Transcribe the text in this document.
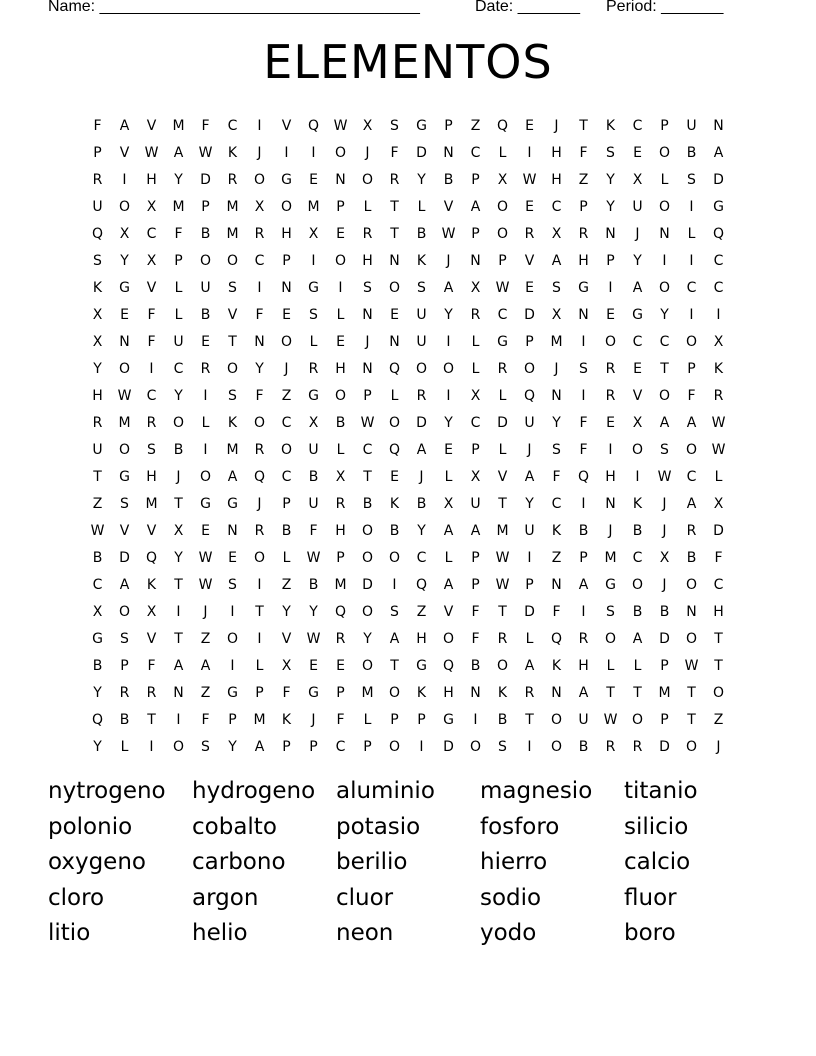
Name: ____________________________________	Date: _______ Period: _______
ELEMENTOS
F	A	V	M	F	C	I	V	Q	W	X	S	G	P	Z	Q	E	J	T	K	C	P	U	N
P	V	W	A	W	K	J	I	I	O	J	F	D	N	C	L	I	H	F	S	E	O	B	A
R	I	H	Y	D	R	O	G	E	N	O	R	Y	B	P	X	W	H	Z	Y	X	L	S	D
U	O	X	M	P	M	X	O	M	P	L	T	L	V	A	O	E	C	P	Y	U	O	I	G
Q	X	C	F	B	M	R	H	X	E	R	T	B	W	P	O	R	X	R	N	J	N	L	Q
S	Y	X	P	O	O	C	P	I	O	H	N	K	J	N	P	V	A	H	P	Y	I	I	C
K	G	V	L	U	S	I	N	G	I	S	O	S	A	X	W	E	S	G	I	A	O	C	C
X	E	F	L	B	V	F	E	S	L	N	E	U	Y	R	C	D	X	N	E	G	Y	I	I
X	N	F	U	E	T	N	O	L	E	J	N	U	I	L	G	P	M	I	O	C	C	O	X
Y	O	I	C	R	O	Y	J	R	H	N	Q	O	O	L	R	O	J	S	R	E	T	P	K
H	W	C	Y	I	S	F	Z	G	O	P	L	R	I	X	L	Q	N	I	R	V	O	F	R
R	M	R	O	L	K	O	C	X	B	W	O	D	Y	C	D	U	Y	F	E	X	A	A	W
U	O	S	B	I	M	R	O	U	L	C	Q	A	E	P	L	J	S	F	I	O	S	O	W
T	G	H	J	O	A	Q	C	B	X	T	E	J	L	X	V	A	F	Q	H	I	W	C	L
Z	S	M	T	G	G	J	P	U	R	B	K	B	X	U	T	Y	C	I	N	K	J	A	X
W	V	V	X	E	N	R	B	F	H	O	B	Y	A	A	M	U	K	B	J	B	J	R	D
B	D	Q	Y	W	E	O	L	W	P	O	O	C	L	P	W	I	Z	P	M	C	X	B	F
C	A	K	T	W	S	I	Z	B	M	D	I	Q	A	P	W	P	N	A	G	O	J	O	C
X	O	X	I	J	I	T	Y	Y	Q	O	S	Z	V	F	T	D	F	I	S	B	B	N	H
G	S	V	T	Z	O	I	V	W	R	Y	A	H	O	F	R	L	Q	R	O	A	D	O	T
B	P	F	A	A	I	L	X	E	E	O	T	G	Q	B	O	A	K	H	L	L	P	W	T
Y	R	R	N	Z	G	P	F	G	P	M	O	K	H	N	K	R	N	A	T	T	M	T	O
Q	B	T	I	F	P	M	K	J	F	L	P	P	G	I	B	T	O	U	W	O	P	T	Z
Y	L	I	O	S	Y	A	P	P	C	P	O	I	D	O	S	I	O	B	R	R	D	O	J
nytrogeno	hydrogeno aluminio	magnesio	titanio
polonio	cobalto	potasio	fosforo	silicio
oxygeno	carbono	berilio	hierro	calcio
cloro	argon	cluor	sodio	fluor
litio	helio	neon	yodo	boro
